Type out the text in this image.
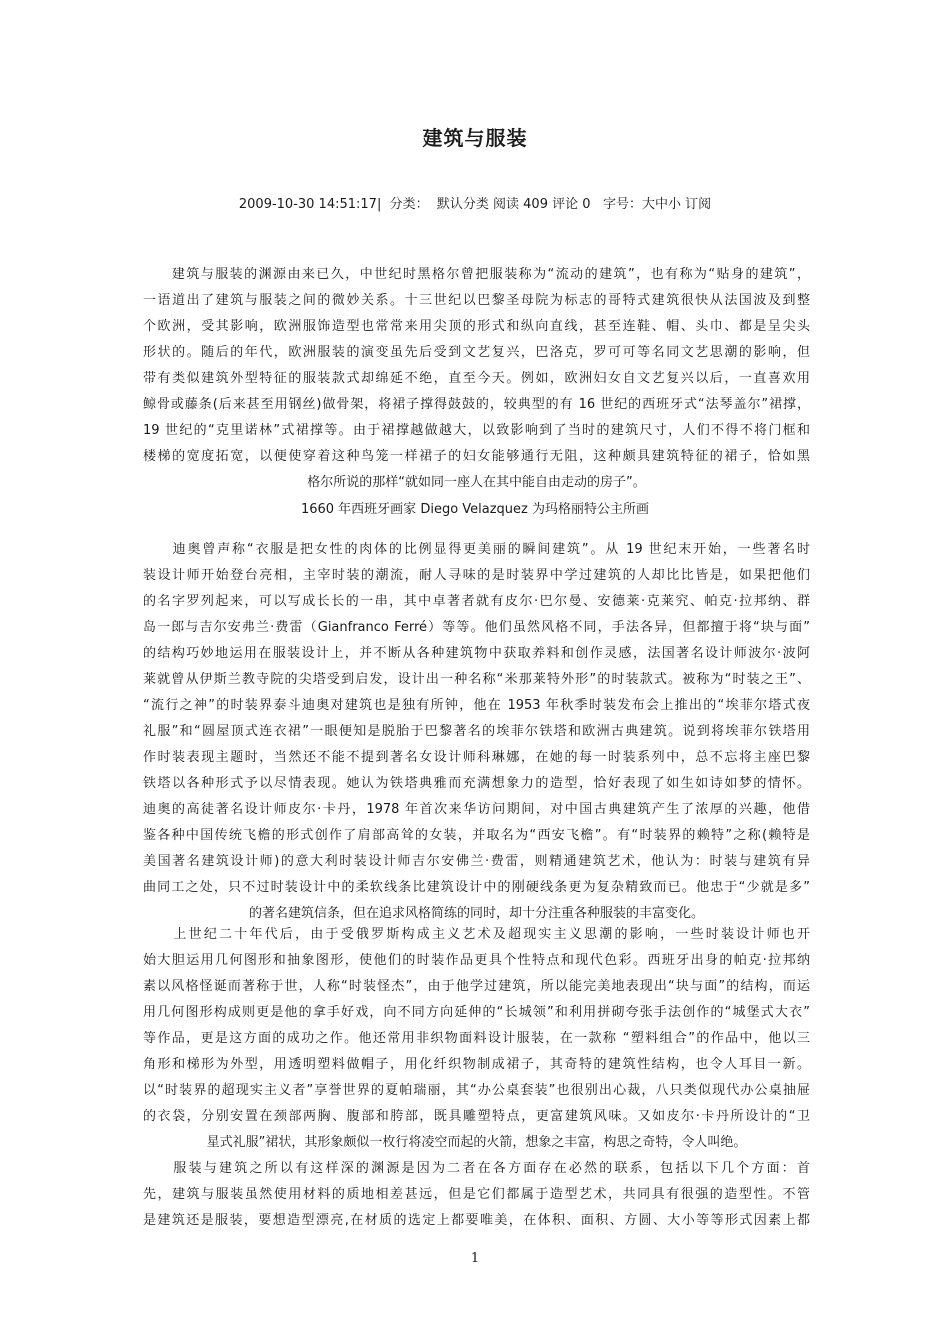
建筑与服装
2009-10-30 14:51:17| 分类： 默认分类 阅读 409 评论 0 字号：大中小 订阅
　　建筑与服装的渊源由来已久，中世纪时黑格尔曾把服装称为“流动的建筑”，也有称为“贴身的建筑”，
一语道出了建筑与服装之间的微妙关系。十三世纪以巴黎圣母院为标志的哥特式建筑很快从法国波及到整
个欧洲，受其影响，欧洲服饰造型也常常来用尖顶的形式和纵向直线，甚至连鞋、帽、头巾、都是呈尖头
形状的。随后的年代，欧洲服装的演变虽先后受到文艺复兴，巴洛克，罗可可等名同文艺思潮的影响，但
带有类似建筑外型特征的服装款式却绵延不绝，直至今天。例如，欧洲妇女自文艺复兴以后，一直喜欢用
鲸骨或藤条(后来甚至用钢丝)做骨架，将裙子撑得鼓鼓的，较典型的有 16 世纪的西班牙式“法琴盖尔”裙撑，
19 世纪的“克里诺林”式裙撑等。由于裙撑越做越大，以致影响到了当时的建筑尺寸，人们不得不将门框和
楼梯的宽度拓宽，以便使穿着这种鸟笼一样裙子的妇女能够通行无阻，这种颇具建筑特征的裙子，恰如黑
格尔所说的那样“就如同一座人在其中能自由走动的房子”。
1660 年西班牙画家 Diego Velazquez 为玛格丽特公主所画
　　迪奥曾声称“衣服是把女性的肉体的比例显得更美丽的瞬间建筑”。从 19 世纪末开始，一些著名时
装设计师开始登台亮相，主宰时装的潮流，耐人寻味的是时装界中学过建筑的人却比比皆是，如果把他们
的名字罗列起来，可以写成长长的一串，其中卓著者就有皮尔·巴尔曼、安德莱·克莱究、帕克·拉邦纳、群
岛一郎与吉尔安弗兰·费雷（Gianfranco Ferré）等等。他们虽然风格不同，手法各异，但都擅于将“块与面”
的结构巧妙地运用在服装设计上，并不断从各种建筑物中获取养料和创作灵感，法国著名设计师波尔·波阿
莱就曾从伊斯兰教寺院的尖塔受到启发，设计出一种名称“米那莱特外形”的时装款式。被称为“时装之王”、
“流行之神”的时装界泰斗迪奥对建筑也是独有所钟，他在 1953 年秋季时装发布会上推出的“埃菲尔塔式夜
礼服”和“圆屋顶式连衣裙”一眼便知是脱胎于巴黎著名的埃菲尔铁塔和欧洲古典建筑。说到将埃菲尔铁塔用
作时装表现主题时，当然还不能不提到著名女设计师科琳娜，在她的每一时装系列中，总不忘将主座巴黎
铁塔以各种形式予以尽情表现。她认为铁塔典雅而充满想象力的造型，恰好表现了如生如诗如梦的情怀。
迪奥的高徒著名设计师皮尔·卡丹，1978 年首次来华访问期间，对中国古典建筑产生了浓厚的兴趣，他借
鉴各种中国传统飞檐的形式创作了肩部高耸的女装，并取名为“西安飞檐”。有“时装界的赖特”之称(赖特是
美国著名建筑设计师)的意大利时装设计师吉尔安佛兰·费雷，则精通建筑艺术，他认为：时装与建筑有异
曲同工之处，只不过时装设计中的柔软线条比建筑设计中的刚硬线条更为复杂精致而已。他忠于“少就是多”
的著名建筑信条，但在追求风格简练的同时，却十分注重各种服装的丰富变化。
　　上世纪二十年代后，由于受俄罗斯构成主义艺术及超现实主义思潮的影响，一些时装设计师也开
始大胆运用几何图形和抽象图形，使他们的时装作品更具个性特点和现代色彩。西班牙出身的帕克·拉邦纳
素以风格怪诞而著称于世，人称“时装怪杰”，由于他学过建筑，所以能完美地表现出“块与面”的结构，而运
用几何图形构成则更是他的拿手好戏，向不同方向延伸的“长城领”和利用拼砌夸张手法创作的“城堡式大衣”
等作品，更是这方面的成功之作。他还常用非织物面料设计服装，在一款称 “塑料组合”的作品中，他以三
角形和梯形为外型，用透明塑料做帽子，用化纤织物制成裙子，其奇特的建筑性结构，也令人耳目一新。
以“时装界的超现实主义者”享誉世界的夏帕瑞丽，其“办公桌套装”也很别出心裁，八只类似现代办公桌抽屉
的衣袋，分别安置在颈部两胸、腹部和胯部，既具雕塑特点，更富建筑风味。又如皮尔·卡丹所设计的“卫
星式礼服”裙状，其形象颇似一枚行将凌空而起的火箭，想象之丰富，构思之奇特，令人叫绝。
　　服装与建筑之所以有这样深的渊源是因为二者在各方面存在必然的联系，包括以下几个方面：首
先，建筑与服装虽然使用材料的质地相差甚远，但是它们都属于造型艺术，共同具有很强的造型性。不管
是建筑还是服装，要想造型漂亮,在材质的选定上都要唯美，在体积、面积、方圆、大小等等形式因素上都
1
